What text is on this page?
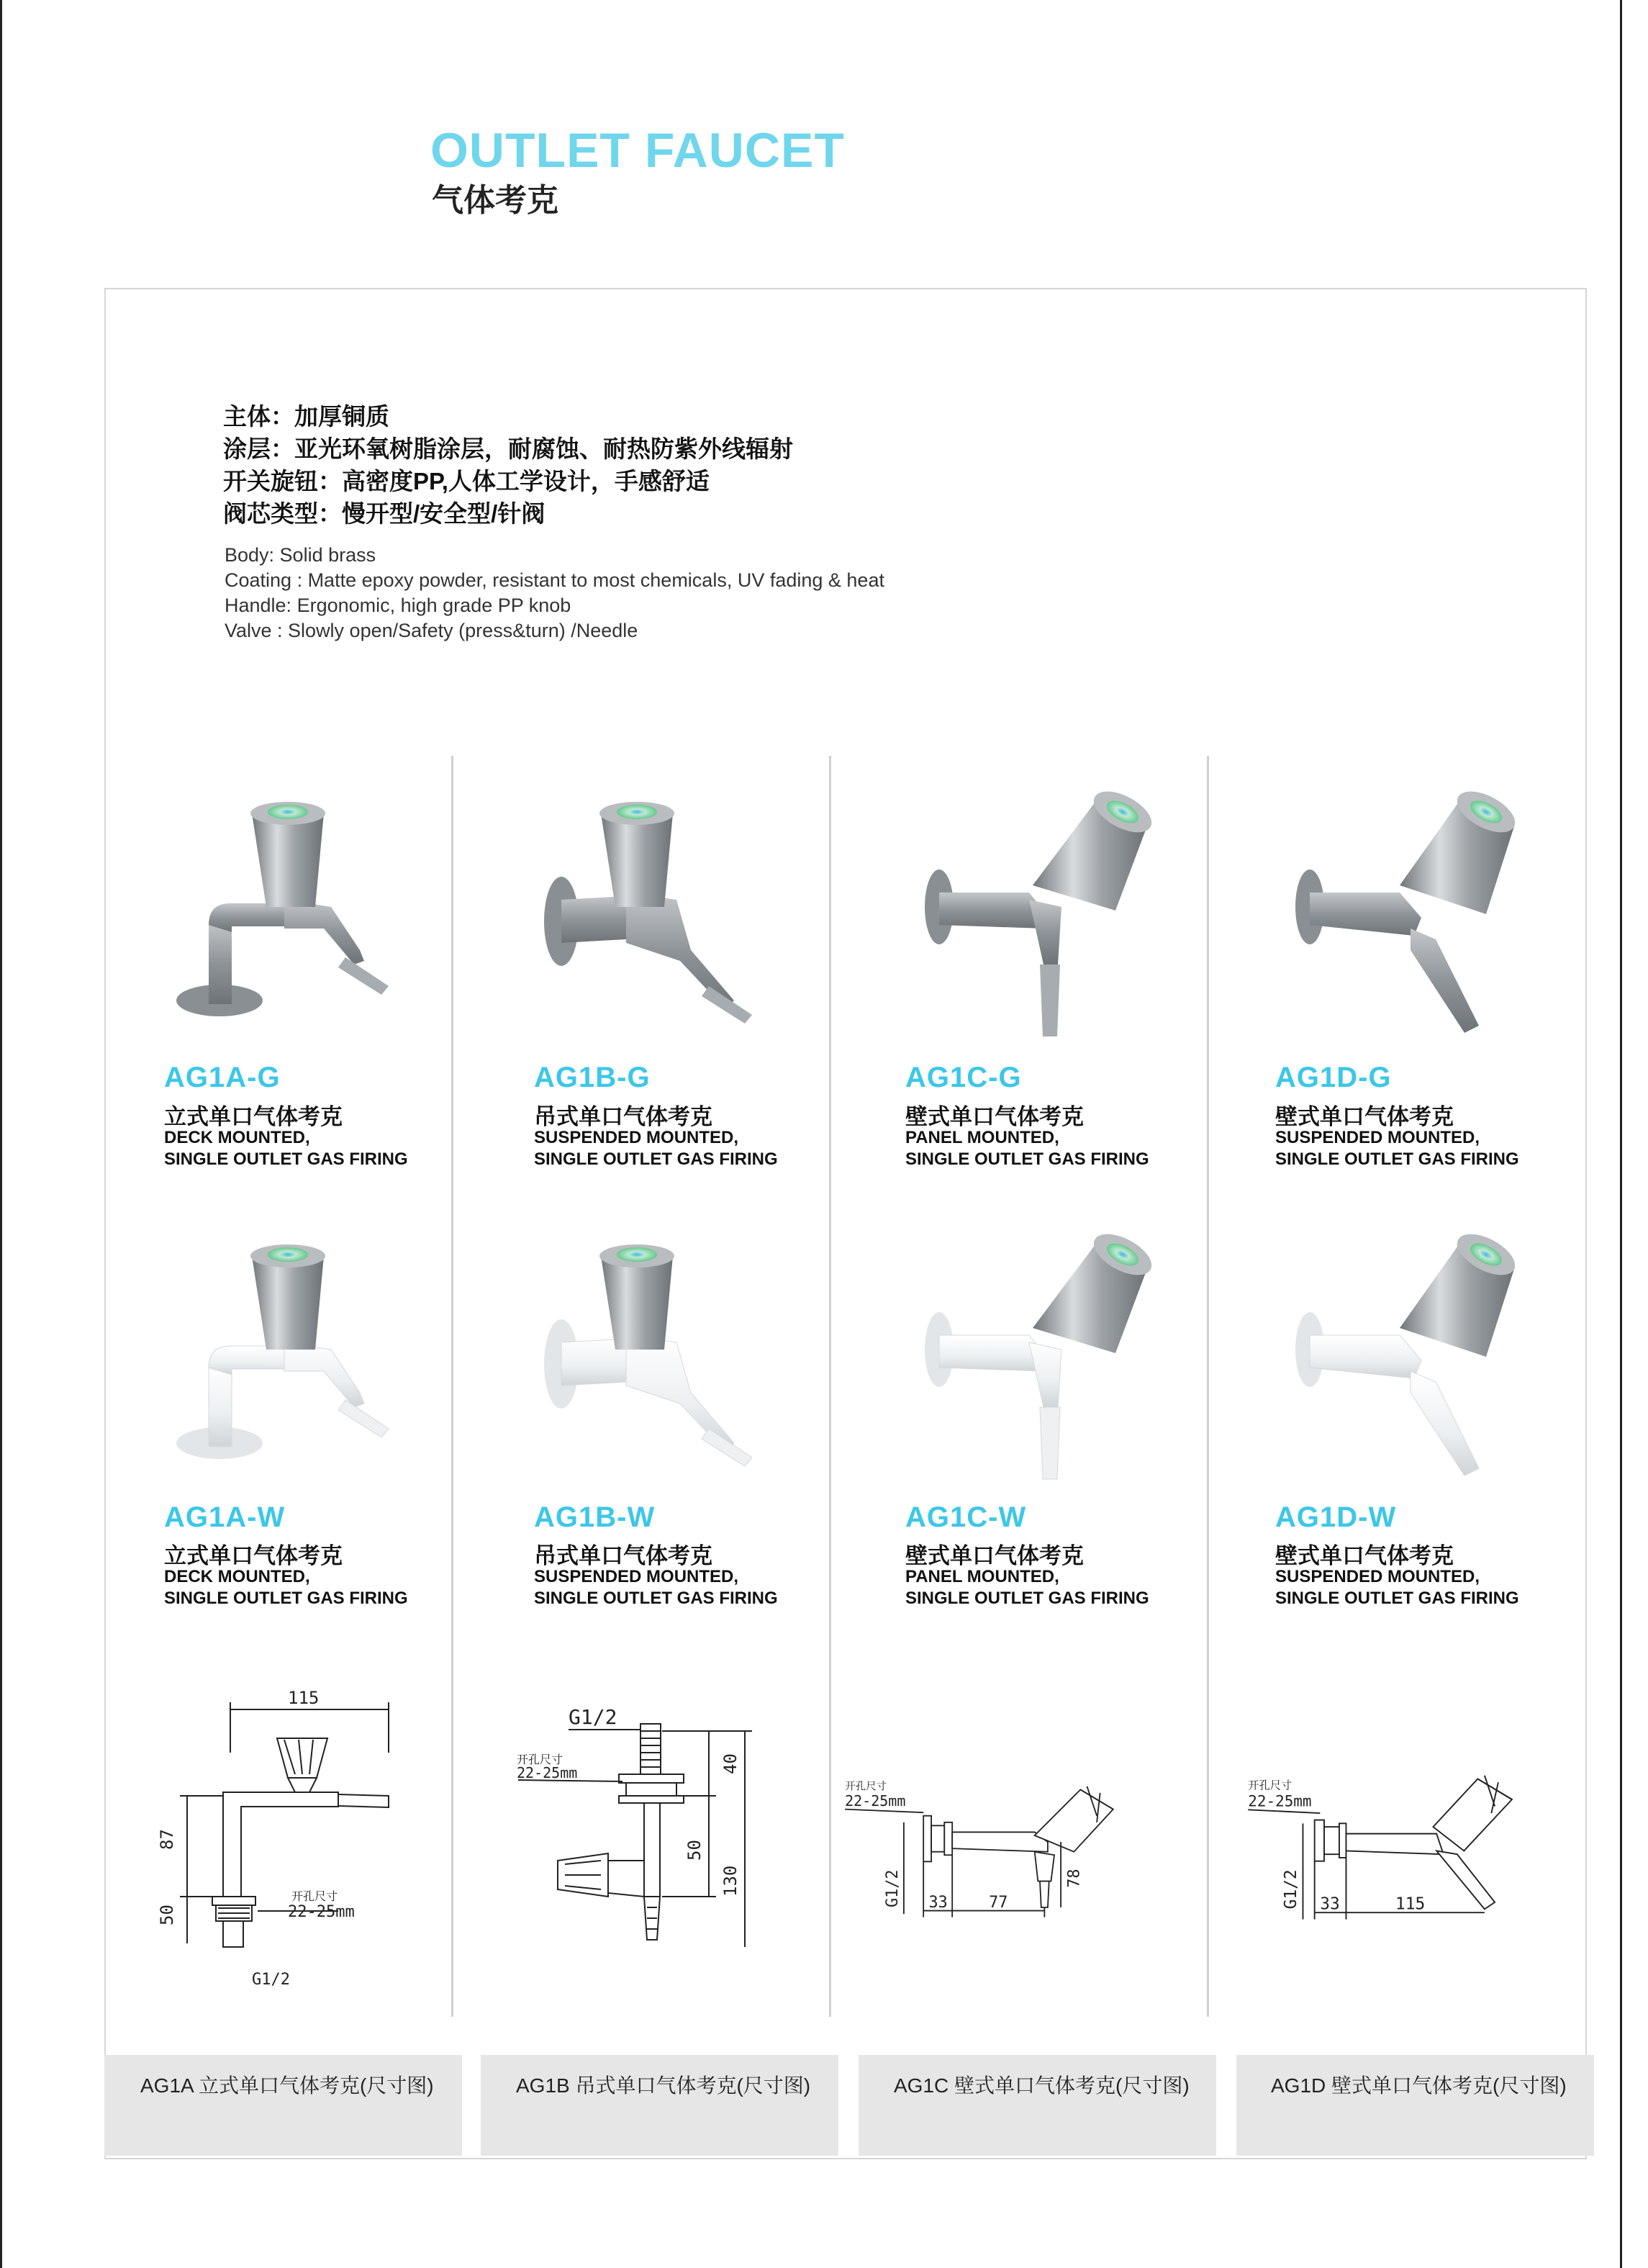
OUTLET FAUCET
气体考克
主体：加厚铜质
涂层：亚光环氧树脂涂层，耐腐蚀、耐热防紫外线辐射
开关旋钮：高密度PP,人体工学设计，手感舒适
阀芯类型：慢开型/安全型/针阀
Body: Solid brass
Coating : Matte epoxy powder, resistant to most chemicals, UV fading & heat
Handle: Ergonomic, high grade PP knob
Valve : Slowly open/Safety (press&turn) /Needle
AG1A-G
立式单口气体考克
DECK MOUNTED,
SINGLE OUTLET GAS FIRING
AG1B-G
吊式单口气体考克
SUSPENDED MOUNTED,
SINGLE OUTLET GAS FIRING
AG1C-G
壁式单口气体考克
PANEL MOUNTED,
SINGLE OUTLET GAS FIRING
AG1D-G
壁式单口气体考克
SUSPENDED MOUNTED,
SINGLE OUTLET GAS FIRING
AG1A-W
立式单口气体考克
DECK MOUNTED,
SINGLE OUTLET GAS FIRING
AG1B-W
吊式单口气体考克
SUSPENDED MOUNTED,
SINGLE OUTLET GAS FIRING
AG1C-W
壁式单口气体考克
PANEL MOUNTED,
SINGLE OUTLET GAS FIRING
AG1D-W
壁式单口气体考克
SUSPENDED MOUNTED,
SINGLE OUTLET GAS FIRING
115
87
50
开孔尺寸
22-25mm
G1/2
G1/2
开孔尺寸
22-25mm	40
50
130
开孔尺寸
22-25mm
G1/2 33 77
78
开孔尺寸
22-25mm
G1/2 33	115
AG1A 立式单口气体考克(尺寸图)	AG1B 吊式单口气体考克(尺寸图)	AG1C 壁式单口气体考克(尺寸图)	AG1D 壁式单口气体考克(尺寸图)
